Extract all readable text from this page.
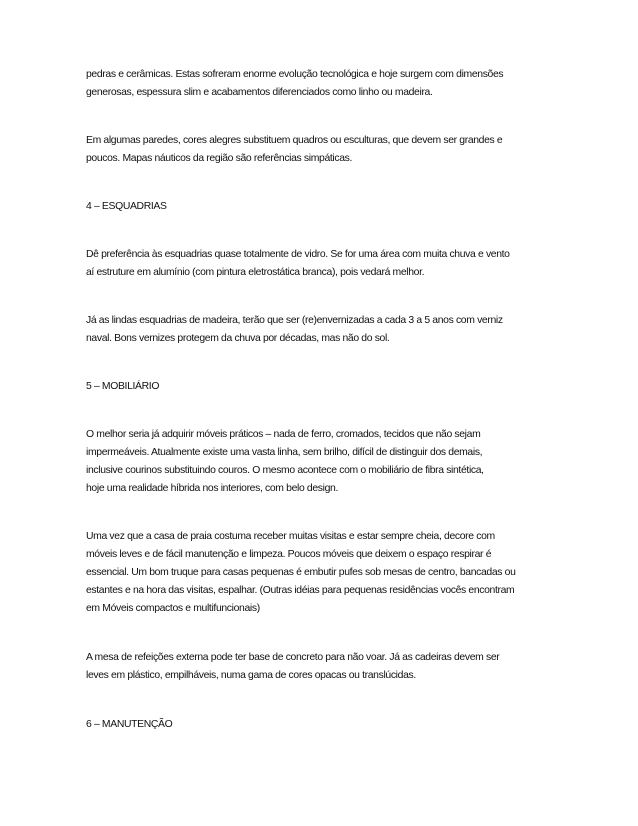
pedras e cerâmicas. Estas sofreram enorme evolução tecnológica e hoje surgem com dimensões
generosas, espessura slim e acabamentos diferenciados como linho ou madeira.

Em algumas paredes, cores alegres substituem quadros ou esculturas, que devem ser grandes e
poucos. Mapas náuticos da região são referências simpáticas.

4 – ESQUADRIAS

Dê preferência às esquadrias quase totalmente de vidro. Se for uma área com muita chuva e vento
aí estruture em alumínio (com pintura eletrostática branca), pois vedará melhor.

Já as lindas esquadrias de madeira, terão que ser (re)envernizadas a cada 3 a 5 anos com verniz
naval. Bons vernizes protegem da chuva por décadas, mas não do sol.

5 – MOBILIÁRIO

O melhor seria já adquirir móveis práticos – nada de ferro, cromados, tecidos que não sejam
impermeáveis. Atualmente existe uma vasta linha, sem brilho, difícil de distinguir dos demais,
inclusive courinos substituindo couros. O mesmo acontece com o mobiliário de fibra sintética,
hoje uma realidade híbrida nos interiores, com belo design.

Uma vez que a casa de praia costuma receber muitas visitas e estar sempre cheia, decore com
móveis leves e de fácil manutenção e limpeza. Poucos móveis que deixem o espaço respirar é
essencial. Um bom truque para casas pequenas é embutir pufes sob mesas de centro, bancadas ou
estantes e na hora das visitas, espalhar. (Outras idéias para pequenas residências vocês encontram
em Móveis compactos e multifuncionais)

A mesa de refeições externa pode ter base de concreto para não voar. Já as cadeiras devem ser
leves em plástico, empilháveis, numa gama de cores opacas ou translúcidas.

6 – MANUTENÇÃO
